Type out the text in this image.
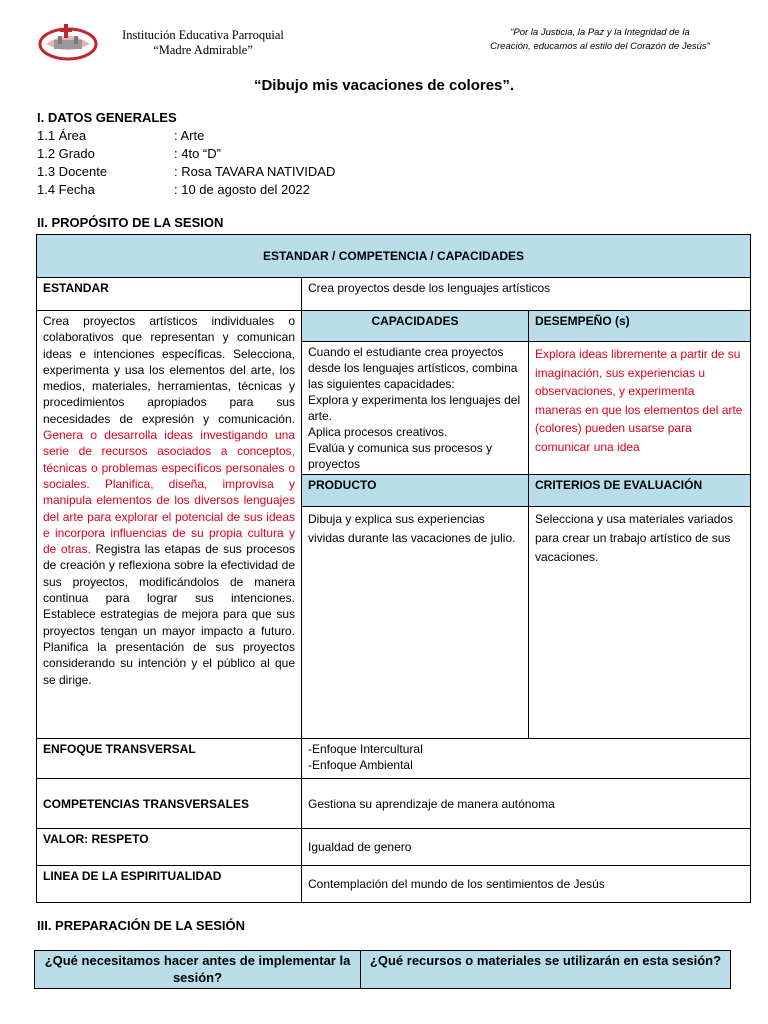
Institución Educativa Parroquial
“Madre Admirable”
“Por la Justicia, la Paz y la Integridad de la
Creación, educamos al estilo del Corazón de Jesús”
“Dibujo mis vacaciones de colores”.
I. DATOS GENERALES
1.1 Área	: Arte
1.2 Grado	: 4to “D”
1.3 Docente	: Rosa TAVARA NATIVIDAD
1.4 Fecha	: 10 de agosto del 2022
II. PROPÓSITO DE LA SESION
ESTANDAR / COMPETENCIA / CAPACIDADES		
ESTANDAR	Crea proyectos desde los lenguajes artísticos	
Crea proyectos artísticos individuales o colaborativos que representan y comunican ideas e intenciones específicas. Selecciona, experimenta y usa los elementos del arte, los medios, materiales, herramientas, técnicas y procedimientos apropiados para sus necesidades de expresión y comunicación. Genera o desarrolla ideas investigando una serie de recursos asociados a conceptos, técnicas o problemas específicos personales o sociales. Planifica, diseña, improvisa y manipula elementos de los diversos lenguajes del arte para explorar el potencial de sus ideas e incorpora influencias de su propia cultura y de otras. Registra las etapas de sus procesos de creación y reflexiona sobre la efectividad de sus proyectos, modificándolos de manera continua para lograr sus intenciones. Establece estrategias de mejora para que sus proyectos tengan un mayor impacto a futuro. Planifica la presentación de sus proyectos considerando su intención y el público al que se dirige.	CAPACIDADES	DESEMPEÑO (s)

	Cuando el estudiante crea proyectos desde los lenguajes artísticos, combina las siguientes capacidades:
Explora y experimenta los lenguajes del arte.
Aplica procesos creativos.
Evalúa y comunica sus procesos y proyectos	Explora ideas libremente a partir de su imaginación, sus experiencias u observaciones, y experimenta maneras en que los elementos del arte (colores) pueden usarse para comunicar una idea
	PRODUCTO	CRITERIOS DE EVALUACIÓN
	Dibuja y explica sus experiencias vividas durante las vacaciones de julio.	Selecciona y usa materiales variados para crear un trabajo artístico de sus vacaciones.
ENFOQUE TRANSVERSAL	-Enfoque Intercultural
-Enfoque Ambiental	

COMPETENCIAS TRANSVERSALES	Gestiona su aprendizaje de manera autónoma	
VALOR: RESPETO	Igualdad de genero	
LINEA DE LA ESPIRITUALIDAD	Contemplación del mundo de los sentimientos de Jesús	
III. PREPARACIÓN DE LA SESIÓN
¿Qué necesitamos hacer antes de implementar la sesión?	¿Qué recursos o materiales se utilizarán en esta sesión?
